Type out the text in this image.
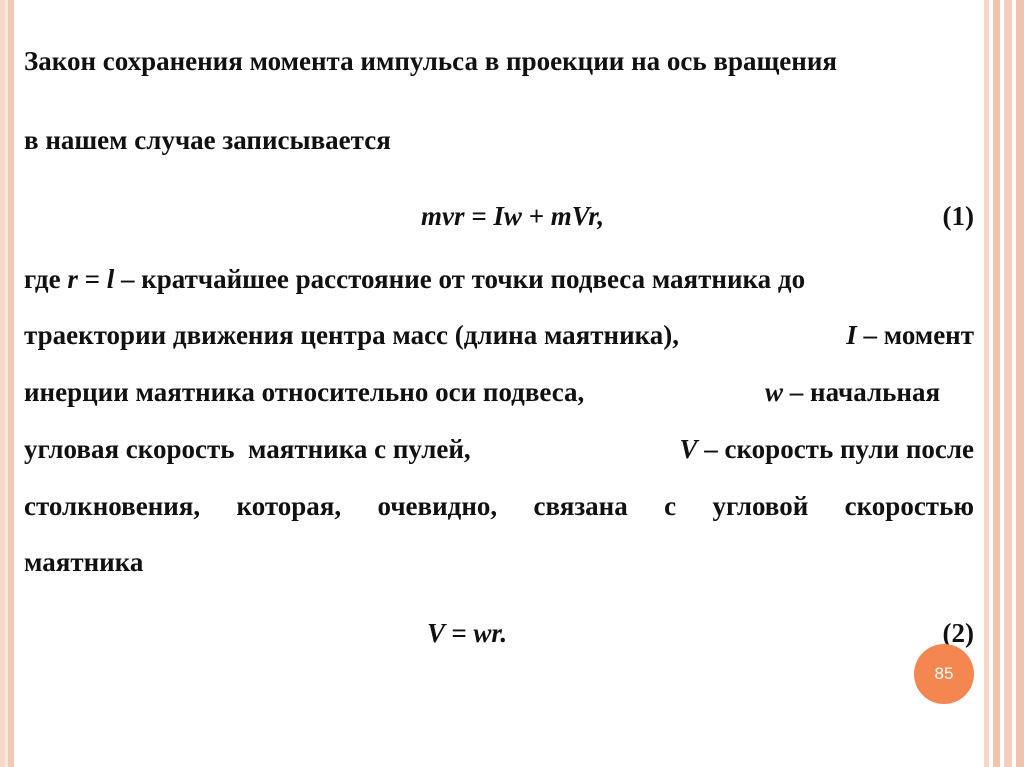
Закон сохранения момента импульса в проекции на ось вращения
в нашем случае записывается
mvr = Iw + mVr,	(1)
где r = l – кратчайшее расстояние от точки подвеса маятника до
траектории движения центра масс (длина маятника),	I – момент
инерции маятника относительно оси подвеса,	w – начальная
угловая скорость  маятника с пулей,	V – скорость пули после
столкновения, которая, очевидно, связана с угловой скоростью
маятника
V = wr.	(2)
85
